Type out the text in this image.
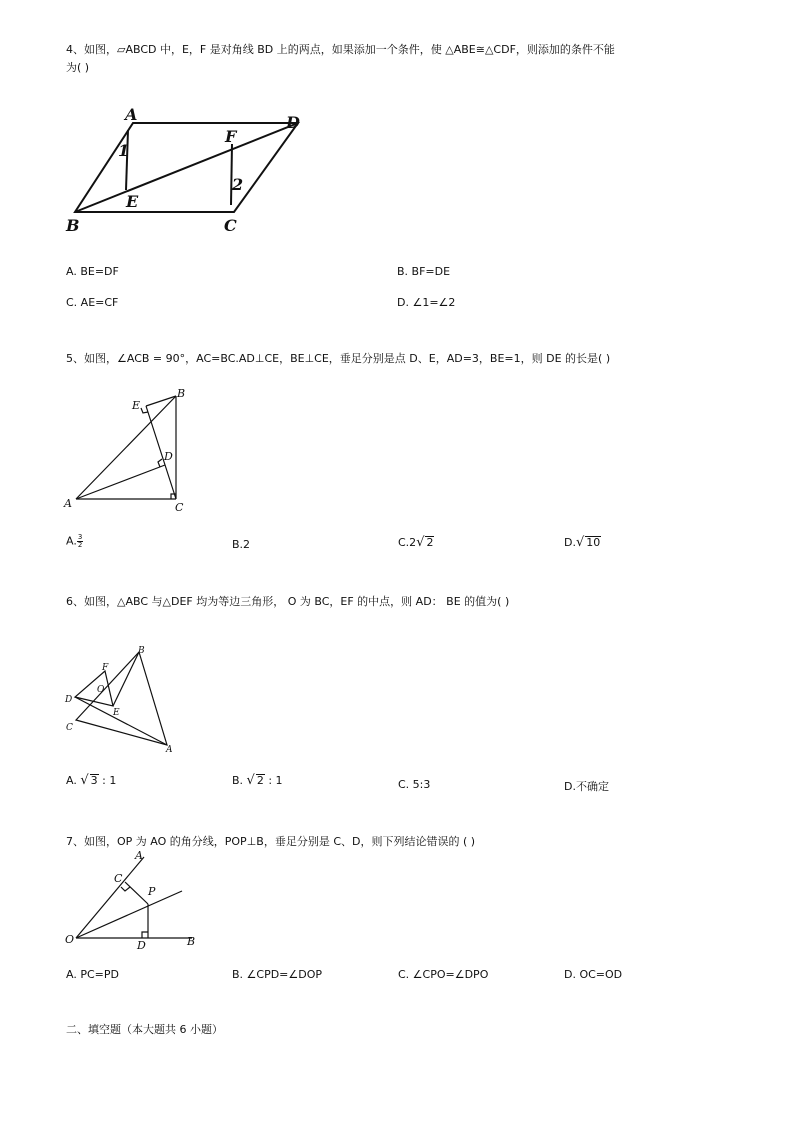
4、如图，▱ABCD 中，E，F 是对角线 BD 上的两点，如果添加一个条件，使 △ABE≅△CDF，则添加的条件不能
为( )
A	D
B	C
E
F
1
2
A. BE=DF	B. BF=DE
C. AE=CF	D. ∠1=∠2
5、如图，∠ACB = 90°，AC=BC.AD⊥CE，BE⊥CE，垂足分别是点 D、E，AD=3，BE=1，则 DE 的长是( )
A
B
C
D
E
A. $\frac{3}{2}$	B.2	C.2√ 2	D.√ 10
6、如图，△ABC 与△DEF 均为等边三角形， O 为 BC，EF 的中点，则 AD： BE 的值为( )
B
F
D
O
E
C
A
A. √ 3 : 1	B. √ 2 : 1	C. 5:3	D.不确定
7、如图，OP 为 AO 的角分线，POP⊥B，垂足分别是 C、D，则下列结论错误的 ( )
A
C
P
O	D	B
A. PC=PD	B. ∠CPD=∠DOP	C. ∠CPO=∠DPO	D. OC=OD
二、填空题（本大题共 6 小题）
